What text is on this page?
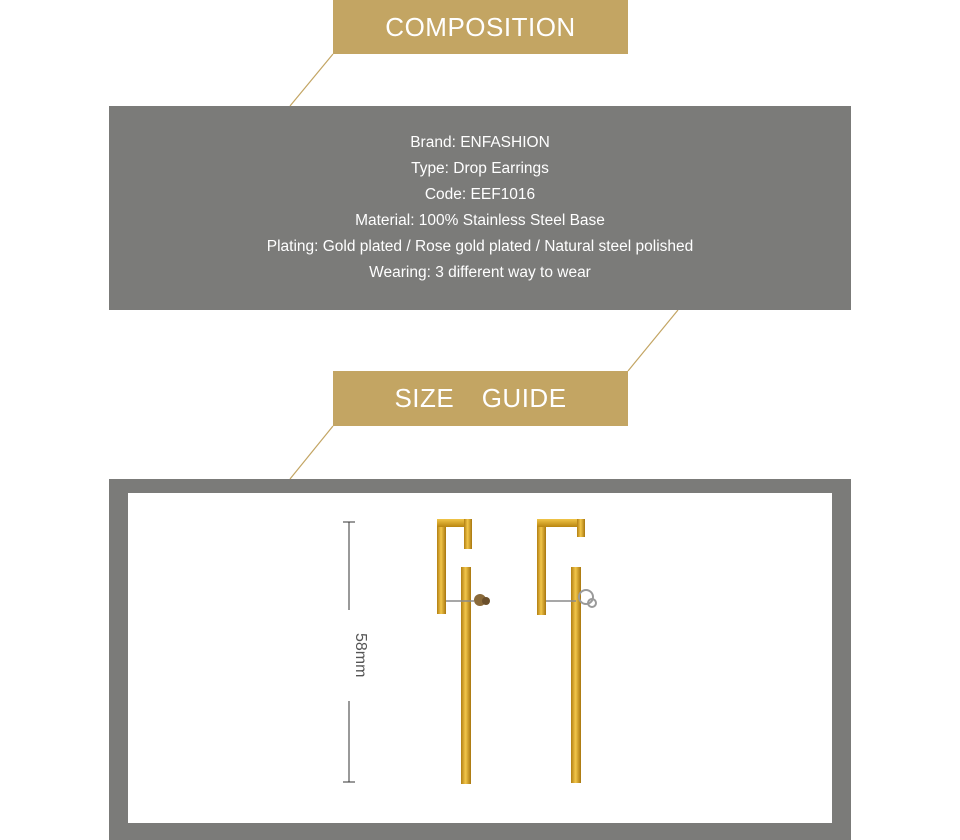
COMPOSITION
Brand: ENFASHION
Type: Drop Earrings
Code: EEF1016
Material: 100% Stainless Steel Base
Plating: Gold plated / Rose gold plated / Natural steel polished
Wearing: 3 different way to wear
SIZE  GUIDE
58mm
